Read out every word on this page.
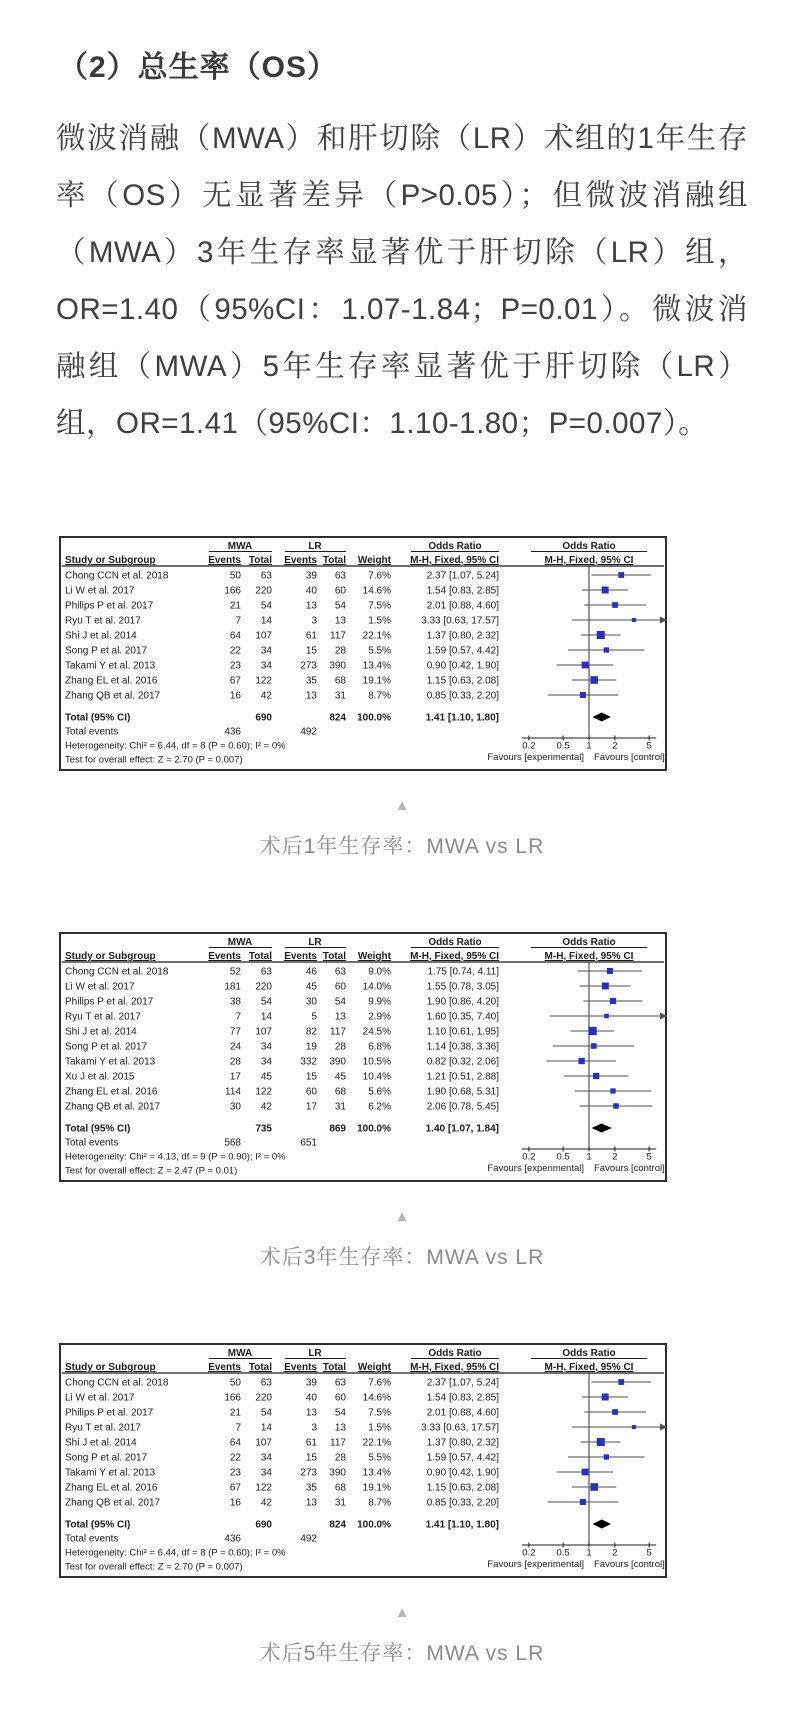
（2）总生率（OS）

微波消融（MWA）和肝切除（LR）术组的1年生存率（OS）无显著差异（P>0.05）；但微波消融组（MWA）3年生存率显著优于肝切除（LR）组，OR=1.40（95%CI：1.07-1.84；P=0.01）。微波消融组（MWA）5年生存率显著优于肝切除（LR）组，OR=1.41（95%CI：1.10-1.80；P=0.007）。

MWA	LR	Odds Ratio	Odds Ratio
Study or Subgroup	Events Total Events Total Weight M-H, Fixed, 95% CI	M-H, Fixed, 95% CI
Chong CCN et al. 2018	50 63	39 63 7.6%	2.37 [1.07, 5.24]
Li W et al. 2017	166 220	40 60 14.6%	1.54 [0.83, 2.85]
Philips P et al. 2017	21 54	13 54 7.5%	2.01 [0.88, 4.60]
Ryu T et al. 2017	7 14	3 13 1.5%	3.33 [0.63, 17.57]
Shi J et al. 2014	64 107	61 117 22.1%	1.37 [0.80, 2.32]
Song P et al. 2017	22 34	15 28 5.5%	1.59 [0.57, 4.42]
Takami Y et al. 2013	23 34	273 390 13.4%	0.90 [0.42, 1.90]
Zhang EL et al. 2016	67 122	35 68 19.1%	1.15 [0.63, 2.08]
Zhang QB et al. 2017	16 42	13 31 8.7%	0.85 [0.33, 2.20]
Total (95% CI)	690	824 100.0%	1.41 [1.10, 1.80]
Total events	436	492
Heterogeneity: Chi² = 6.44, df = 8 (P = 0.60); I² = 0%
Test for overall effect: Z = 2.70 (P = 0.007)
0.2 0.5 1 2	5
Favours [experimental] Favours [control]
▲
术后1年生存率：MWA vs LR
MWA	LR	Odds Ratio	Odds Ratio
Study or Subgroup	Events Total Events Total Weight M-H, Fixed, 95% CI	M-H, Fixed, 95% CI
Chong CCN et al. 2018	52 63	46 63 9.0%	1.75 [0.74, 4.11]
Li W et al. 2017	181 220	45 60 14.0%	1.55 [0.78, 3.05]
Philips P et al. 2017	38 54	30 54 9.9%	1.90 [0.86, 4.20]
Ryu T et al. 2017	7 14	5 13 2.9%	1.60 [0.35, 7.40]
Shi J et al. 2014	77 107	82 117 24.5%	1.10 [0.61, 1.95]
Song P et al. 2017	24 34	19 28 6.8%	1.14 [0.38, 3.36]
Takami Y et al. 2013	28 34	332 390 10.5%	0.82 [0.32, 2.06]
Xu J et al. 2015	17 45	15 45 10.4%	1.21 [0.51, 2.88]
Zhang EL et al. 2016	114 122	60 68 5.6%	1.90 [0.68, 5.31]
Zhang QB et al. 2017	30 42	17 31 6.2%	2.06 [0.78, 5.45]
Total (95% CI)	735	869 100.0%	1.40 [1.07, 1.84]
Total events	568	651
Heterogeneity: Chi² = 4.13, df = 9 (P = 0.90); I² = 0%
Test for overall effect: Z = 2.47 (P = 0.01)
0.2 0.5 1 2	5
Favours [experimental] Favours [control]
▲
术后3年生存率：MWA vs LR
MWA	LR	Odds Ratio	Odds Ratio
Study or Subgroup	Events Total Events Total Weight M-H, Fixed, 95% CI	M-H, Fixed, 95% CI
Chong CCN et al. 2018	50 63	39 63 7.6%	2.37 [1.07, 5.24]
Li W et al. 2017	166 220	40 60 14.6%	1.54 [0.83, 2.85]
Philips P et al. 2017	21 54	13 54 7.5%	2.01 [0.88, 4.60]
Ryu T et al. 2017	7 14	3 13 1.5%	3.33 [0.63, 17.57]
Shi J et al. 2014	64 107	61 117 22.1%	1.37 [0.80, 2.32]
Song P et al. 2017	22 34	15 28 5.5%	1.59 [0.57, 4.42]
Takami Y et al. 2013	23 34	273 390 13.4%	0.90 [0.42, 1.90]
Zhang EL et al. 2016	67 122	35 68 19.1%	1.15 [0.63, 2.08]
Zhang QB et al. 2017	16 42	13 31 8.7%	0.85 [0.33, 2.20]
Total (95% CI)	690	824 100.0%	1.41 [1.10, 1.80]
Total events	436	492
Heterogeneity: Chi² = 6.44, df = 8 (P = 0.60); I² = 0%
Test for overall effect: Z = 2.70 (P = 0.007)
0.2 0.5 1 2	5
Favours [experimental] Favours [control]
▲
术后5年生存率：MWA vs LR
